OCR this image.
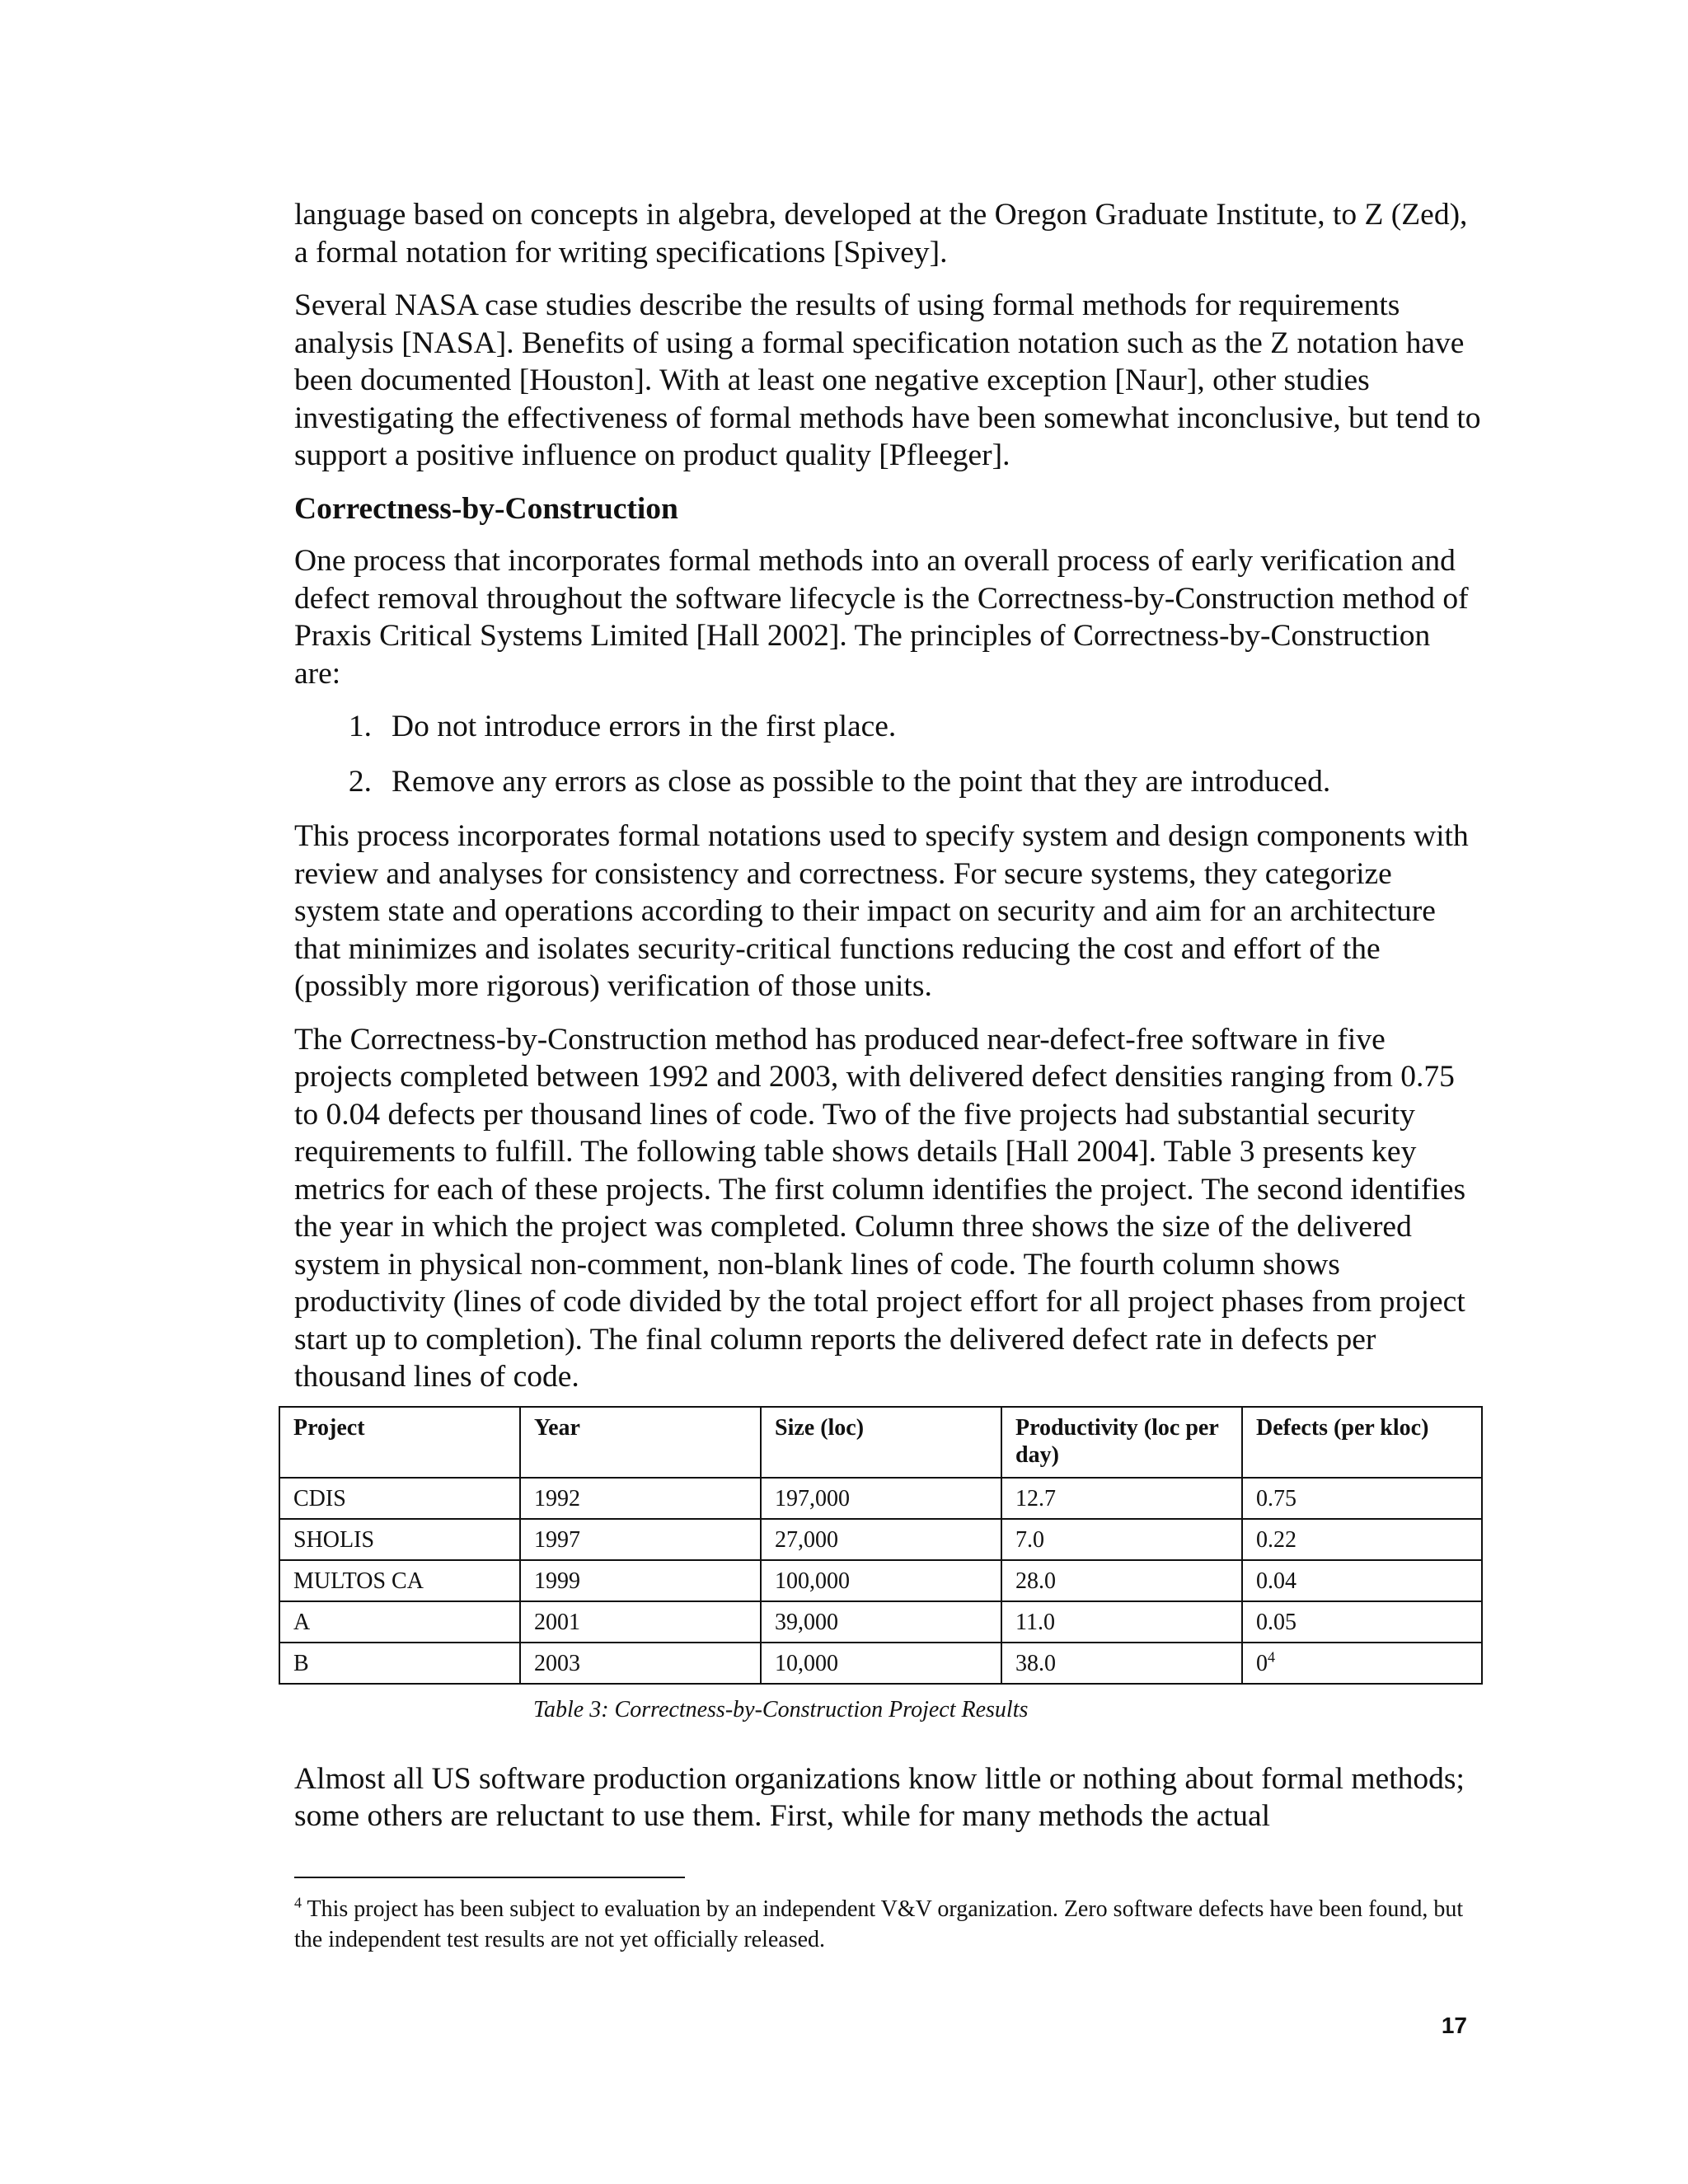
language based on concepts in algebra, developed at the Oregon Graduate Institute, to Z (Zed), a formal notation for writing specifications [Spivey].

Several NASA case studies describe the results of using formal methods for requirements analysis [NASA]. Benefits of using a formal specification notation such as the Z notation have been documented [Houston]. With at least one negative exception [Naur], other studies investigating the effectiveness of formal methods have been somewhat inconclusive, but tend to support a positive influence on product quality [Pfleeger].

Correctness-by-Construction

One process that incorporates formal methods into an overall process of early verification and defect removal throughout the software lifecycle is the Correctness-by-Construction method of Praxis Critical Systems Limited [Hall 2002]. The principles of Correctness-by-Construction are:

1. Do not introduce errors in the first place.
2. Remove any errors as close as possible to the point that they are introduced.

This process incorporates formal notations used to specify system and design components with review and analyses for consistency and correctness. For secure systems, they categorize system state and operations according to their impact on security and aim for an architecture that minimizes and isolates security-critical functions reducing the cost and effort of the (possibly more rigorous) verification of those units.

The Correctness-by-Construction method has produced near-defect-free software in five projects completed between 1992 and 2003, with delivered defect densities ranging from 0.75 to 0.04 defects per thousand lines of code. Two of the five projects had substantial security requirements to fulfill. The following table shows details [Hall 2004]. Table 3 presents key metrics for each of these projects. The first column identifies the project. The second identifies the year in which the project was completed. Column three shows the size of the delivered system in physical non-comment, non-blank lines of code. The fourth column shows productivity (lines of code divided by the total project effort for all project phases from project start up to completion). The final column reports the delivered defect rate in defects per thousand lines of code.

Project	Year	Size (loc)	Productivity (loc per day)	Defects (per kloc)
CDIS	1992	197,000	12.7	0.75
SHOLIS	1997	27,000	7.0	0.22
MULTOS CA	1999	100,000	28.0	0.04
A	2001	39,000	11.0	0.05
B	2003	10,000	38.0	0$^4$
Table 3: Correctness-by-Construction Project Results

Almost all US software production organizations know little or nothing about formal methods; some others are reluctant to use them. First, while for many methods the actual

$^4$ This project has been subject to evaluation by an independent V&V organization. Zero software defects have been found, but the independent test results are not yet officially released.
17
